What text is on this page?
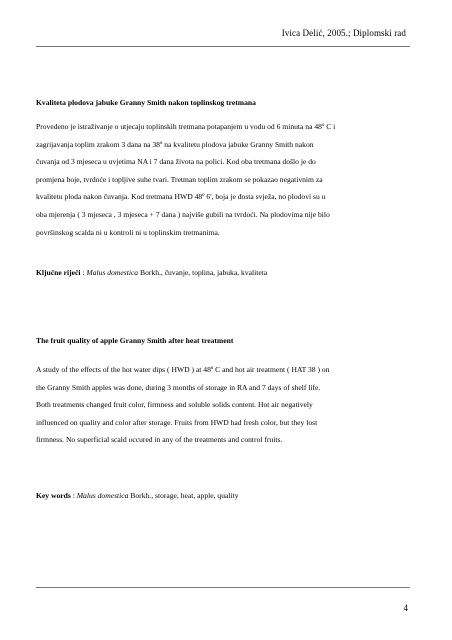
Ivica Delić, 2005.; Diplomski rad

Kvaliteta plodova jabuke Granny Smith nakon toplinskog tretmana

Provedeno je istraživanje o utjecaju toplinskih tretmana potapanjem u vodu od 6 minuta na 48º C i

zagrijavanja toplim zrakom 3 dana na 38º na kvalitetu plodova jabuke Granny Smith nakon

čuvanja od 3 mjeseca u uvjetima NA i 7 dana života na polici. Kod oba tretmana došlo je do

promjena boje, tvrdoće i topljive suhe tvari. Tretman toplim zrakom se pokazao negativnim za

kvalitetu ploda nakon čuvanja. Kod tretmana HWD 48º 6', boja je dosta svježa, no plodovi su u

oba mjerenja ( 3 mjeseca , 3 mjeseca + 7 dana ) najviše gubili na tvrdoći. Na plodovima nije bilo

površinskog scalda ni u kontroli ni u toplinskim tretmanima.

Ključne riječi : Malus domestica Borkh., čuvanje, toplina, jabuka, kvaliteta

The fruit quality of apple Granny Smith after heat treatment

A study of the effects of the hot water dips ( HWD ) at 48º C and hot air treatment ( HAT 38 ) on

the Granny Smith apples was done, during 3 months of storage in RA and 7 days of shelf life.

Both treatments changed fruit color, firmness and soluble solids content. Hot air negatively

influenced on quality and color after storage. Fruits from HWD had fresh color, but they lost

firmness. No superficial scald occured in any of the treatments and control fruits.

Key words : Malus domestica Borkh., storage, heat, apple, quality

4
